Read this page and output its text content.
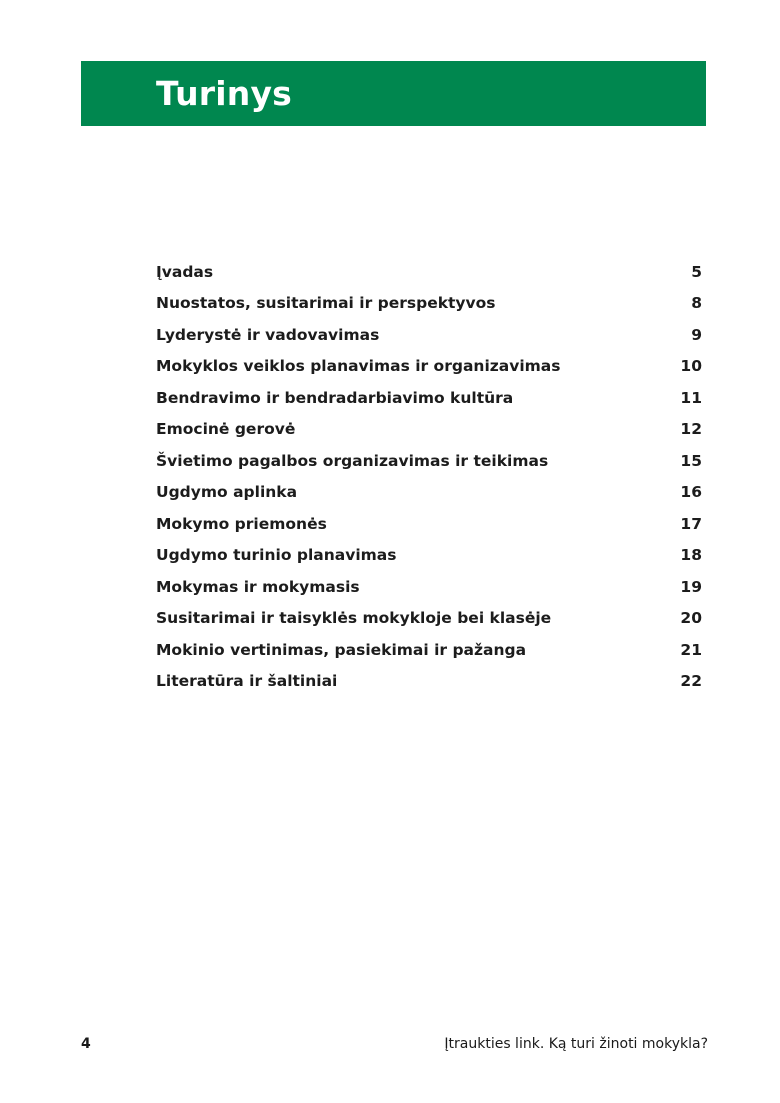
Turinys
Įvadas	5
Nuostatos, susitarimai ir perspektyvos	8
Lyderystė ir vadovavimas	9
Mokyklos veiklos planavimas ir organizavimas	10
Bendravimo ir bendradarbiavimo kultūra	11
Emocinė gerovė	12
Švietimo pagalbos organizavimas ir teikimas	15
Ugdymo aplinka	16
Mokymo priemonės	17
Ugdymo turinio planavimas	18
Mokymas ir mokymasis	19
Susitarimai ir taisyklės mokykloje bei klasėje	20
Mokinio vertinimas, pasiekimai ir pažanga	21
Literatūra ir šaltiniai	22
4	Įtraukties link. Ką turi žinoti mokykla?
